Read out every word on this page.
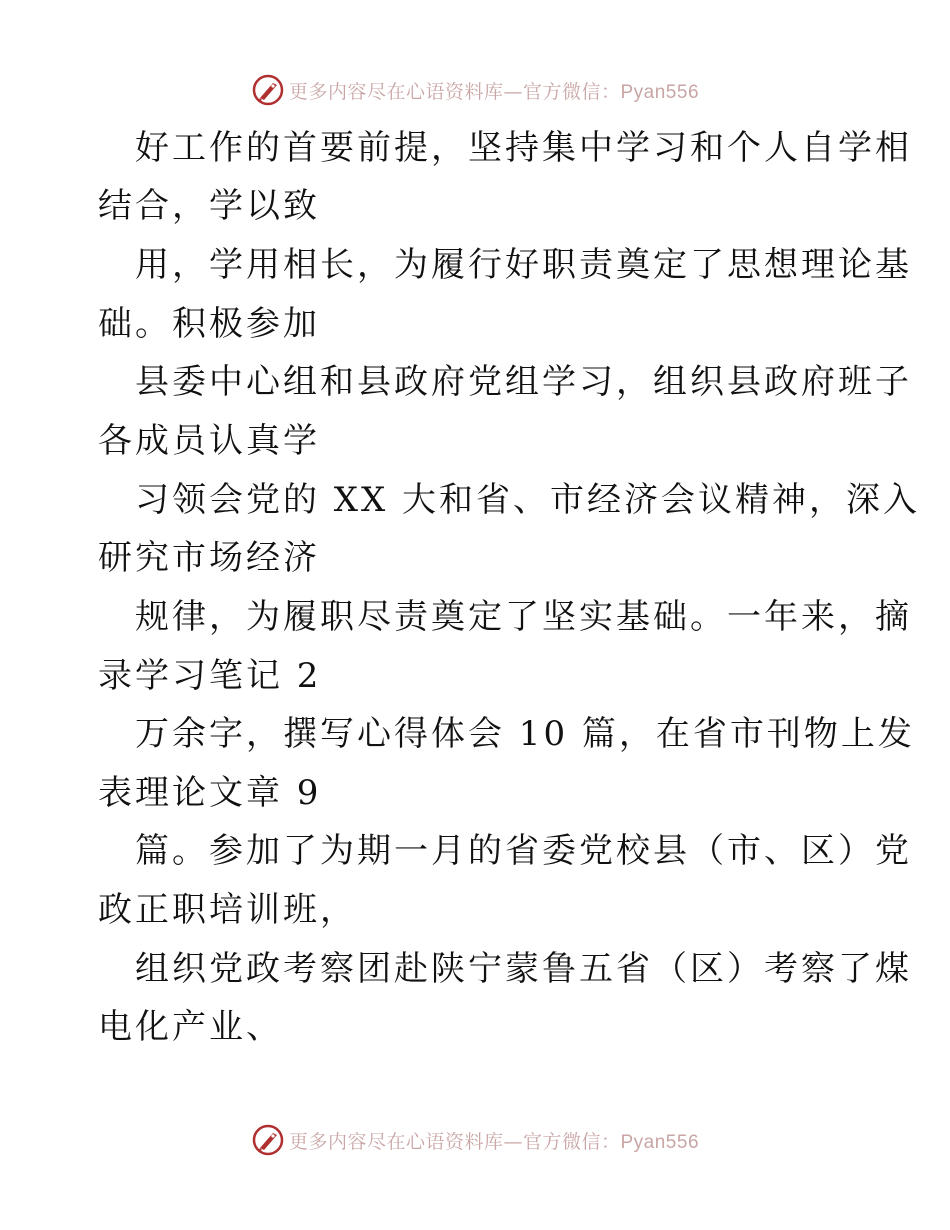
更多内容尽在心语资料库—官方微信：Pyan556
好工作的首要前提，坚持集中学习和个人自学相
结合，学以致
用，学用相长，为履行好职责奠定了思想理论基
础。积极参加
县委中心组和县政府党组学习，组织县政府班子
各成员认真学
习领会党的 XX 大和省、市经济会议精神，深入
研究市场经济
规律，为履职尽责奠定了坚实基础。一年来，摘
录学习笔记 2
万余字，撰写心得体会 10 篇，在省市刊物上发
表理论文章 9
篇。参加了为期一月的省委党校县（市、区）党
政正职培训班，
组织党政考察团赴陕宁蒙鲁五省（区）考察了煤
电化产业、
更多内容尽在心语资料库—官方微信：Pyan556
